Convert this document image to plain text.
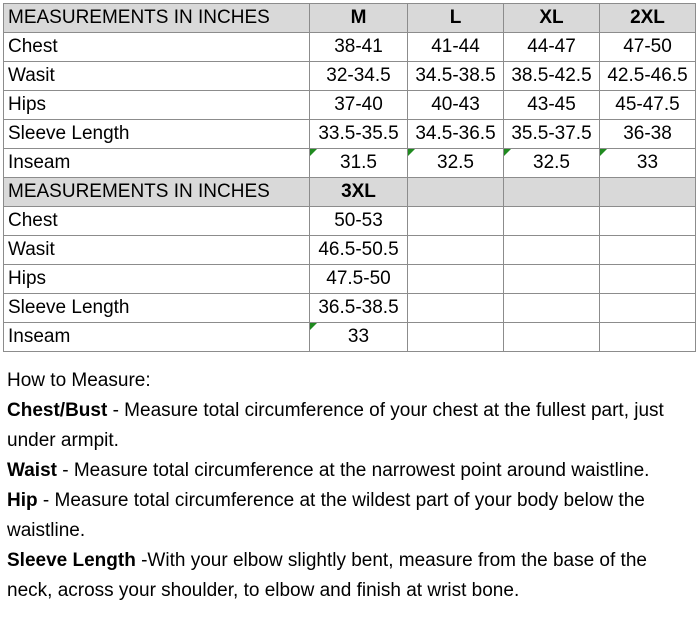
MEASUREMENTS IN INCHES	M	L	XL	2XL
Chest	38-41	41-44	44-47	47-50
Wasit	32-34.5	34.5-38.5	38.5-42.5	42.5-46.5
Hips	37-40	40-43	43-45	45-47.5
Sleeve Length	33.5-35.5	34.5-36.5	35.5-37.5	36-38
Inseam	31.5	32.5	32.5	33
MEASUREMENTS IN INCHES	3XL			
Chest	50-53			
Wasit	46.5-50.5			
Hips	47.5-50			
Sleeve Length	36.5-38.5			
Inseam	33			

How to Measure:

Chest/Bust - Measure total circumference of your chest at the fullest part, just under armpit.

Waist - Measure total circumference at the narrowest point around waistline.

Hip - Measure total circumference at the wildest part of your body below the waistline.

Sleeve Length -With your elbow slightly bent, measure from the base of the neck, across your shoulder, to elbow and finish at wrist bone.
